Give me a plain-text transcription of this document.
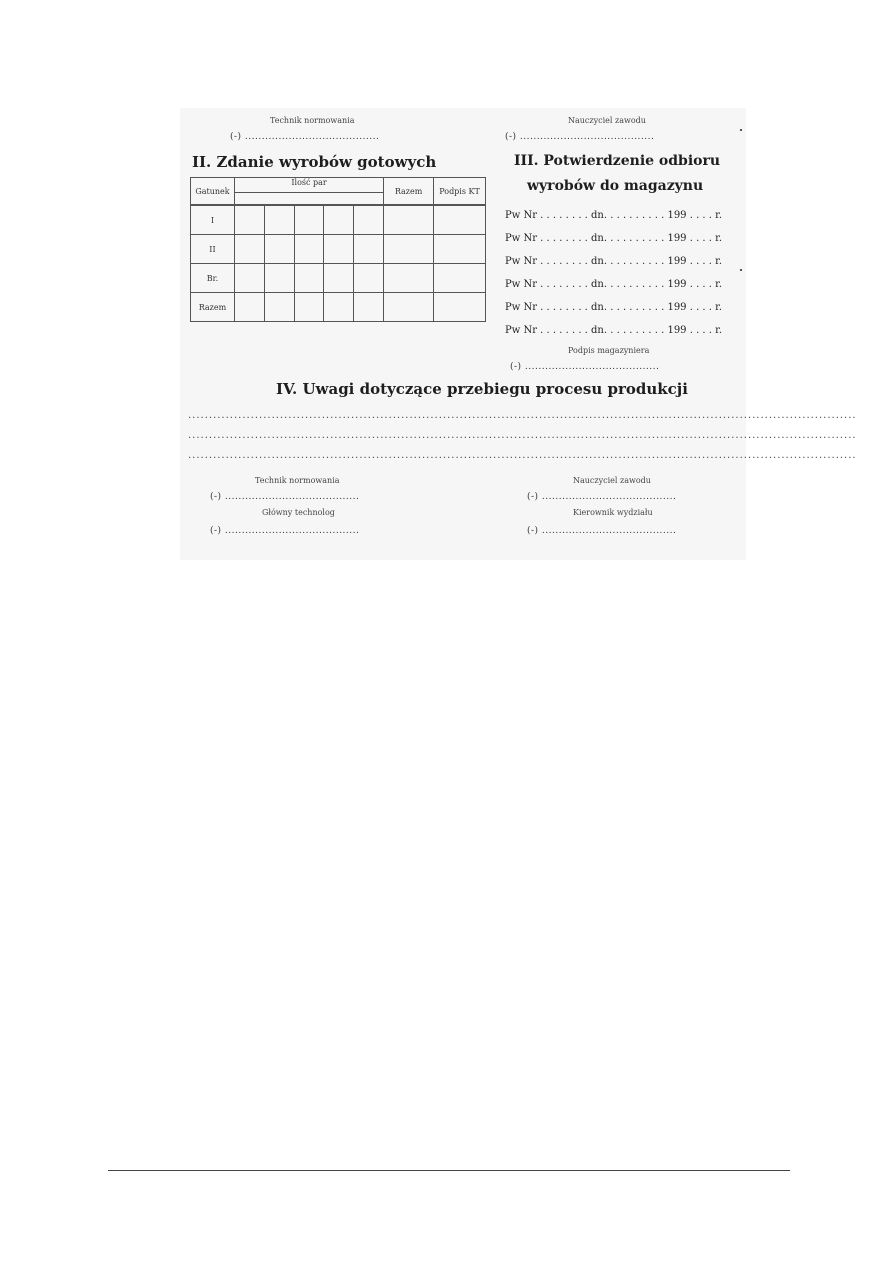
Technik normowania
(-) ........................................
Nauczyciel zawodu
(-) ........................................
II. Zdanie wyrobów gotowych
Gatunek	Ilość par					Razem	Podpis KT

I							
II							
Br.							
Razem							
III. Potwierdzenie odbioru
wyrobów do magazynu
Pw Nr . . . . . . . . dn. . . . . . . . . . 199 . . . . r.
Pw Nr . . . . . . . . dn. . . . . . . . . . 199 . . . . r.
Pw Nr . . . . . . . . dn. . . . . . . . . . 199 . . . . r.
Pw Nr . . . . . . . . dn. . . . . . . . . . 199 . . . . r.
Pw Nr . . . . . . . . dn. . . . . . . . . . 199 . . . . r.
Pw Nr . . . . . . . . dn. . . . . . . . . . 199 . . . . r.
Podpis magazyniera
(-) ........................................
IV. Uwagi dotyczące przebiegu procesu produkcji
................................................................................................................................................................
................................................................................................................................................................
................................................................................................................................................................
Technik normowania
(-) ........................................
Nauczyciel zawodu
(-) ........................................
Główny technolog
(-) ........................................
Kierownik wydziału
(-) ........................................
